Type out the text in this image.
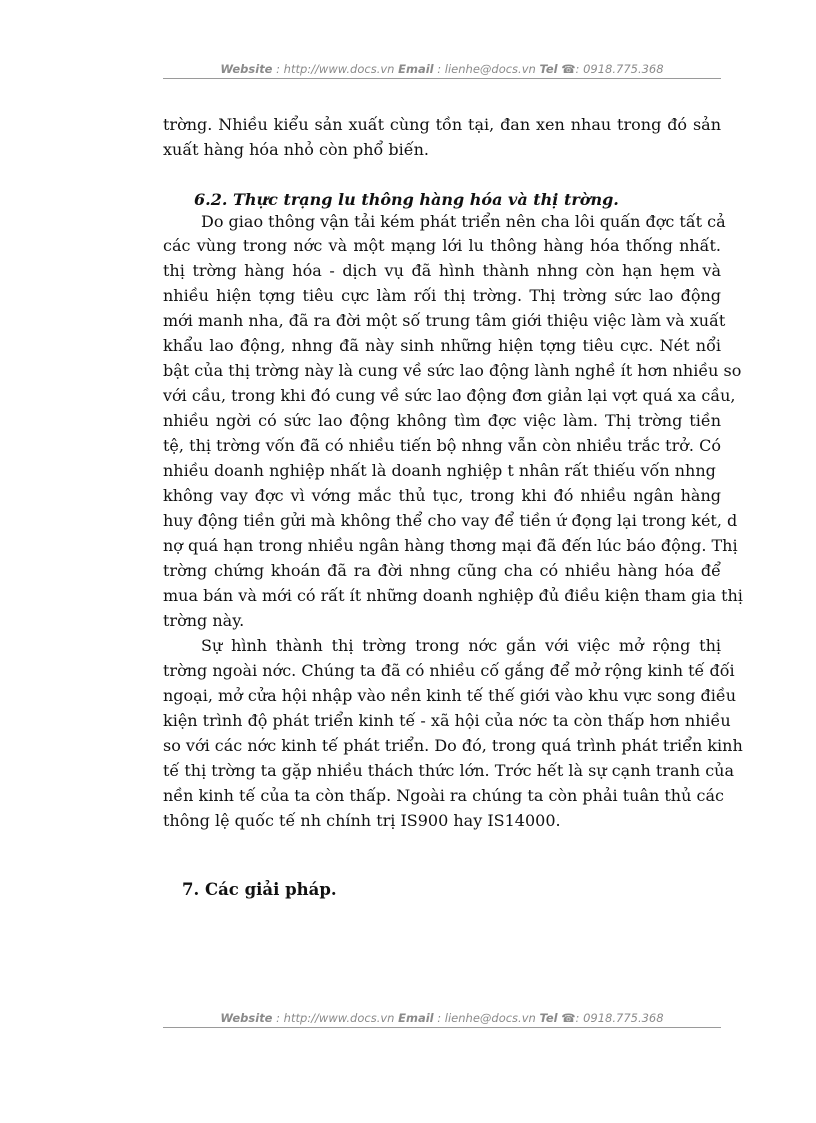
Website : http://www.docs.vn Email : lienhe@docs.vn Tel ☎: 0918.775.368
trờng. Nhiều kiểu sản xuất cùng tồn tại, đan xen nhau trong đó sản
xuất hàng hóa nhỏ còn phổ biến.
6.2. Thực trạng lu thông hàng hóa và thị trờng.
Do giao thông vận tải kém phát triển nên cha lôi quấn đợc tất cả
các vùng trong nớc và một mạng lới lu thông hàng hóa thống nhất.
thị trờng hàng hóa - dịch vụ đã hình thành nhng còn hạn hẹm và
nhiều hiện tợng tiêu cực làm rối thị trờng. Thị trờng sức lao động
mới manh nha, đã ra đời một số trung tâm giới thiệu việc làm và xuất
khẩu lao động, nhng đã này sinh những hiện tợng tiêu cực. Nét nổi
bật của thị trờng này là cung về sức lao động lành nghề ít hơn nhiều so
với cầu, trong khi đó cung về sức lao động đơn giản lại vợt quá xa cầu,
nhiều ngời có sức lao động không tìm đợc việc làm. Thị trờng tiền
tệ, thị trờng vốn đã có nhiều tiến bộ nhng vẫn còn nhiều trắc trở. Có
nhiều doanh nghiệp nhất là doanh nghiệp t nhân rất thiếu vốn nhng
không vay đợc vì vớng mắc thủ tục, trong khi đó nhiều ngân hàng
huy động tiền gửi mà không thể cho vay để tiền ứ đọng lại trong két, d
nợ quá hạn trong nhiều ngân hàng thơng mại đã đến lúc báo động. Thị
trờng chứng khoán đã ra đời nhng cũng cha có nhiều hàng hóa để
mua bán và mới có rất ít những doanh nghiệp đủ điều kiện tham gia thị
trờng này.
Sự hình thành thị trờng trong nớc gắn với việc mở rộng thị
trờng ngoài nớc. Chúng ta đã có nhiều cố gắng để mở rộng kinh tế đối
ngoại, mở cửa hội nhập vào nền kinh tế thế giới vào khu vực song điều
kiện trình độ phát triển kinh tế - xã hội của nớc ta còn thấp hơn nhiều
so với các nớc kinh tế phát triển. Do đó, trong quá trình phát triển kinh
tế thị trờng ta gặp nhiều thách thức lớn. Trớc hết là sự cạnh tranh của
nền kinh tế của ta còn thấp. Ngoài ra chúng ta còn phải tuân thủ các
thông lệ quốc tế nh chính trị IS900 hay IS14000.
7. Các giải pháp.
Website : http://www.docs.vn Email : lienhe@docs.vn Tel ☎: 0918.775.368
